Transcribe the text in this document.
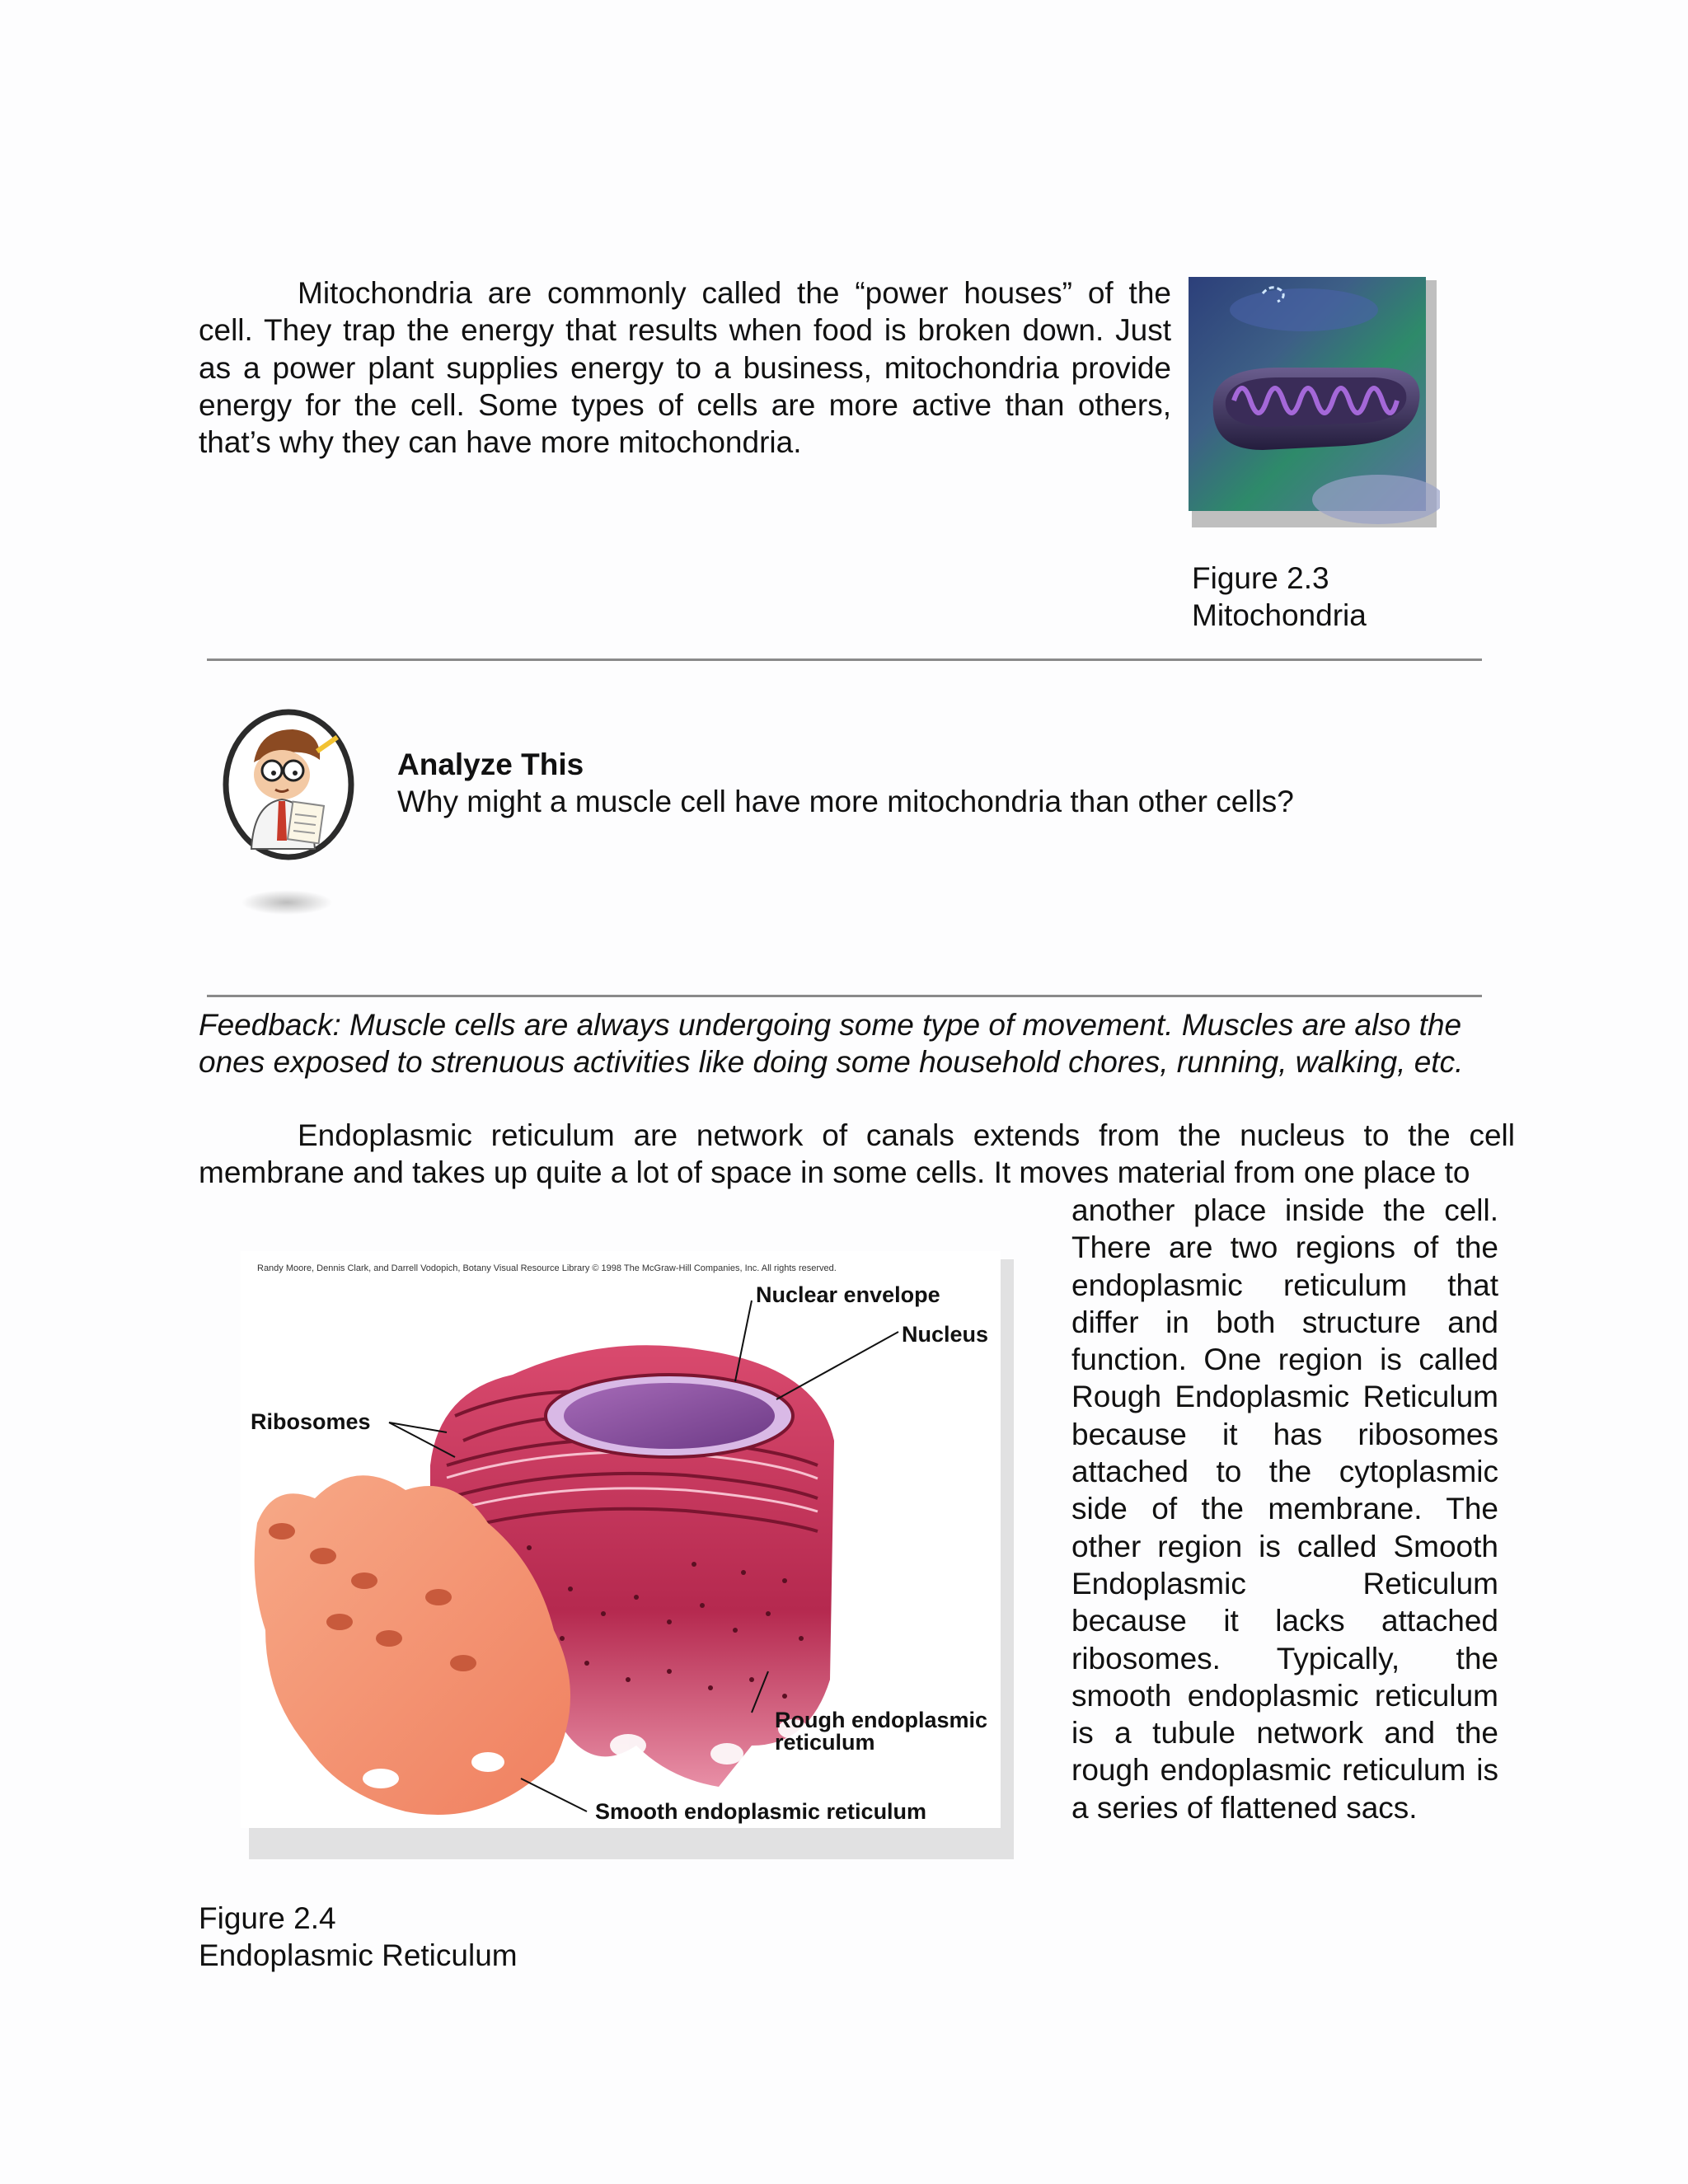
Mitochondria are commonly called the “power houses” of the cell. They trap the energy that results when food is broken down. Just as a power plant supplies energy to a business, mitochondria provide energy for the cell. Some types of cells are more active than others, that’s why they can have more mitochondria.

Figure 2.3
Mitochondria
Analyze This
Why might a muscle cell have more mitochondria than other cells?

Feedback: Muscle cells are always undergoing some type of movement. Muscles are also the ones exposed to strenuous activities like doing some household chores, running, walking, etc.

Endoplasmic reticulum are network of canals extends from the nucleus to the cell membrane and takes up quite a lot of space in some cells. It moves material from one place to

another place inside the cell. There are two regions of the endoplasmic reticulum that differ in both structure and function. One region is called Rough Endoplasmic Reticulum because it has ribosomes attached to the cytoplasmic side of the membrane. The other region is called Smooth Endoplasmic Reticulum because it lacks attached ribosomes. Typically, the smooth endoplasmic reticulum is a tubule network and the rough endoplasmic reticulum is a series of flattened sacs.

Randy Moore, Dennis Clark, and Darrell Vodopich, Botany Visual Resource Library © 1998 The McGraw-Hill Companies, Inc. All rights reserved.
Nuclear envelope
Nucleus
Ribosomes
Rough endoplasmic
reticulum
Smooth endoplasmic reticulum
Figure 2.4
Endoplasmic Reticulum
